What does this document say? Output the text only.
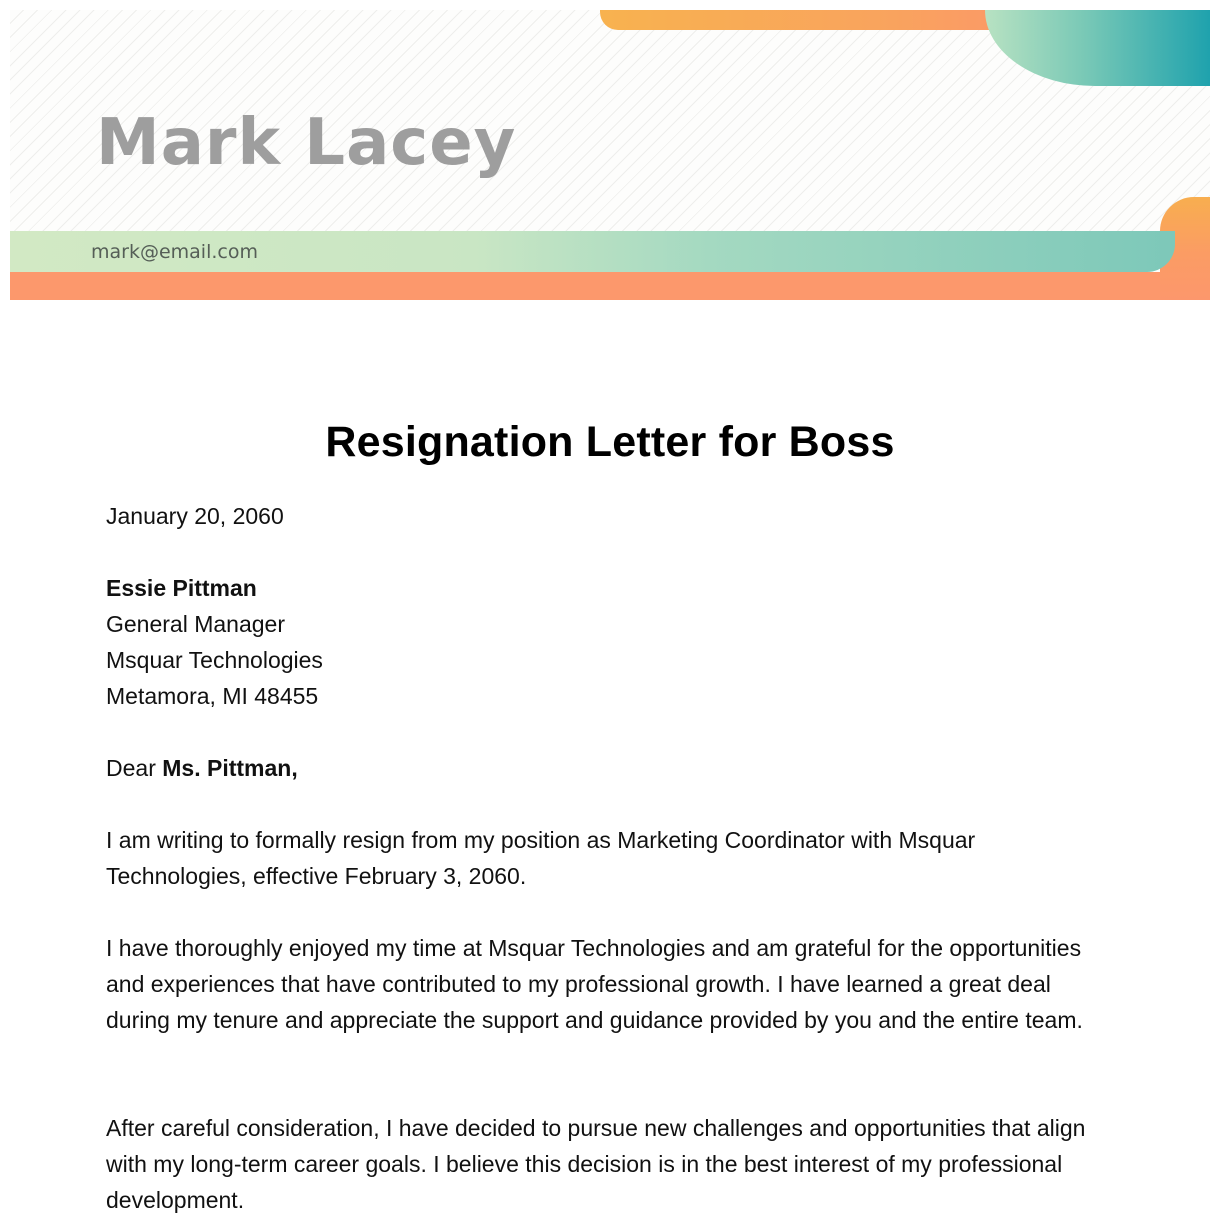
Mark Lacey
mark@email.com
Resignation Letter for Boss
January 20, 2060
Essie Pittman
General Manager
Msquar Technologies
Metamora, MI 48455
Dear Ms. Pittman,
I am writing to formally resign from my position as Marketing Coordinator with Msquar Technologies, effective February 3, 2060.
I have thoroughly enjoyed my time at Msquar Technologies and am grateful for the opportunities and experiences that have contributed to my professional growth. I have learned a great deal during my tenure and appreciate the support and guidance provided by you and the entire team.
After careful consideration, I have decided to pursue new challenges and opportunities that align with my long-term career goals. I believe this decision is in the best interest of my professional development.
